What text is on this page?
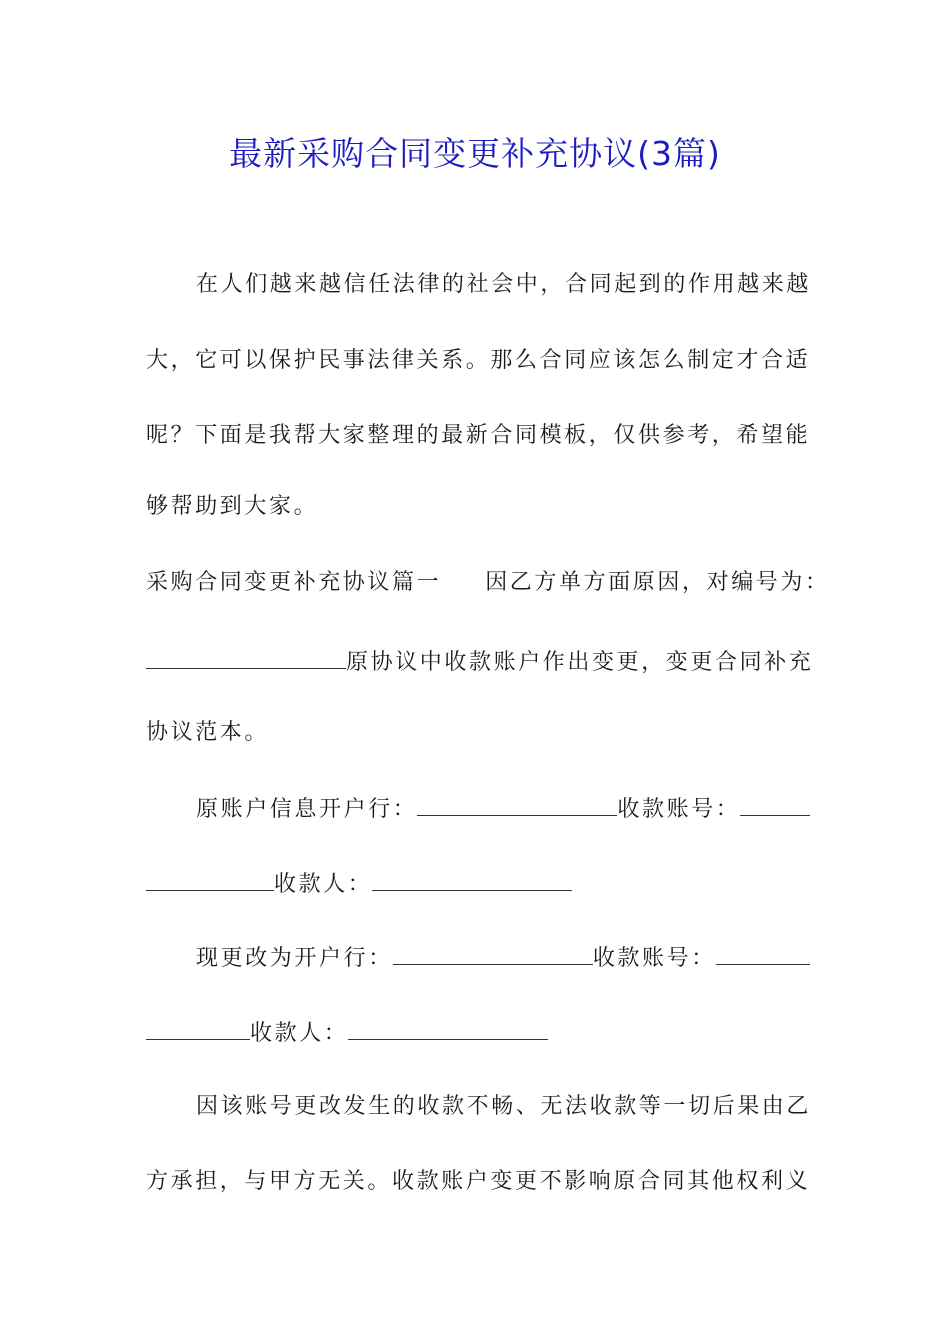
最新采购合同变更补充协议(3篇)
在人们越来越信任法律的社会中，合同起到的作用越来越
大，它可以保护民事法律关系。那么合同应该怎么制定才合适
呢？下面是我帮大家整理的最新合同模板，仅供参考，希望能
够帮助到大家。
采购合同变更补充协议篇一 因乙方单方面原因，对编号为：
原协议中收款账户作出变更，变更合同补充
协议范本。
原账户信息开户行：	收款账号：
收款人：
现更改为开户行：	收款账号：
收款人：
因该账号更改发生的收款不畅、无法收款等一切后果由乙
方承担，与甲方无关。收款账户变更不影响原合同其他权利义
